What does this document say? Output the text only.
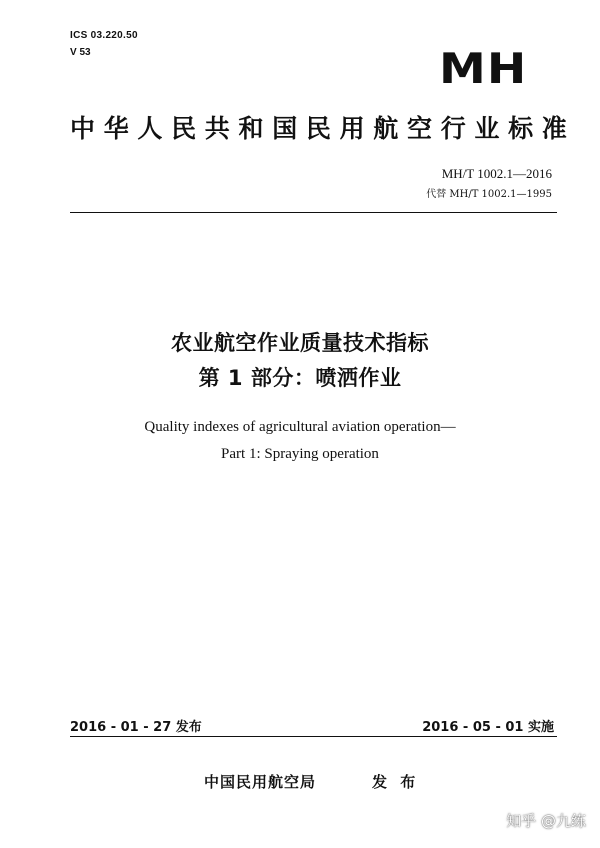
ICS 03.220.50
V 53	MH
中华人民共和国民用航空行业标准
MH/T 1002.1—2016
代替 MH/T 1002.1—1995
农业航空作业质量技术指标
第 1 部分：喷洒作业
Quality indexes of agricultural aviation operation—
Part 1: Spraying operation
2016 - 01 - 27 发布	2016 - 05 - 01 实施
中国民用航空局	发 布
知乎 @九练
